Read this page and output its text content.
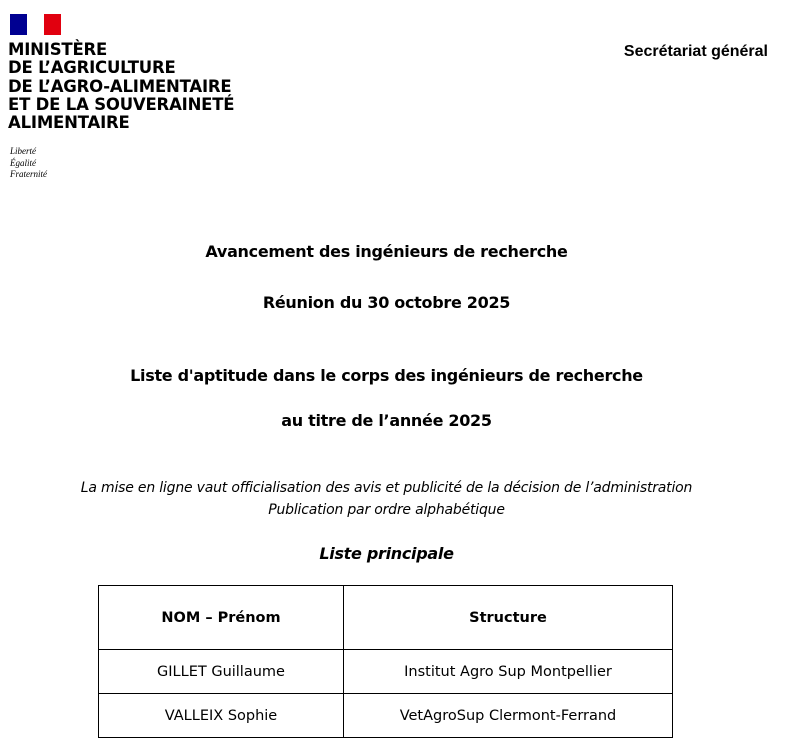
MINISTÈRE
DE L’AGRICULTURE
DE L’AGRO-ALIMENTAIRE
ET DE LA SOUVERAINETÉ
ALIMENTAIRE
Liberté
Égalité
Fraternité
Secrétariat général
Avancement des ingénieurs de recherche
Réunion du 30 octobre 2025
Liste d'aptitude dans le corps des ingénieurs de recherche
au titre de l’année 2025
La mise en ligne vaut officialisation des avis et publicité de la décision de l’administration
Publication par ordre alphabétique
Liste principale
NOM – Prénom	Structure
GILLET Guillaume	Institut Agro Sup Montpellier
VALLEIX Sophie	VetAgroSup Clermont-Ferrand
